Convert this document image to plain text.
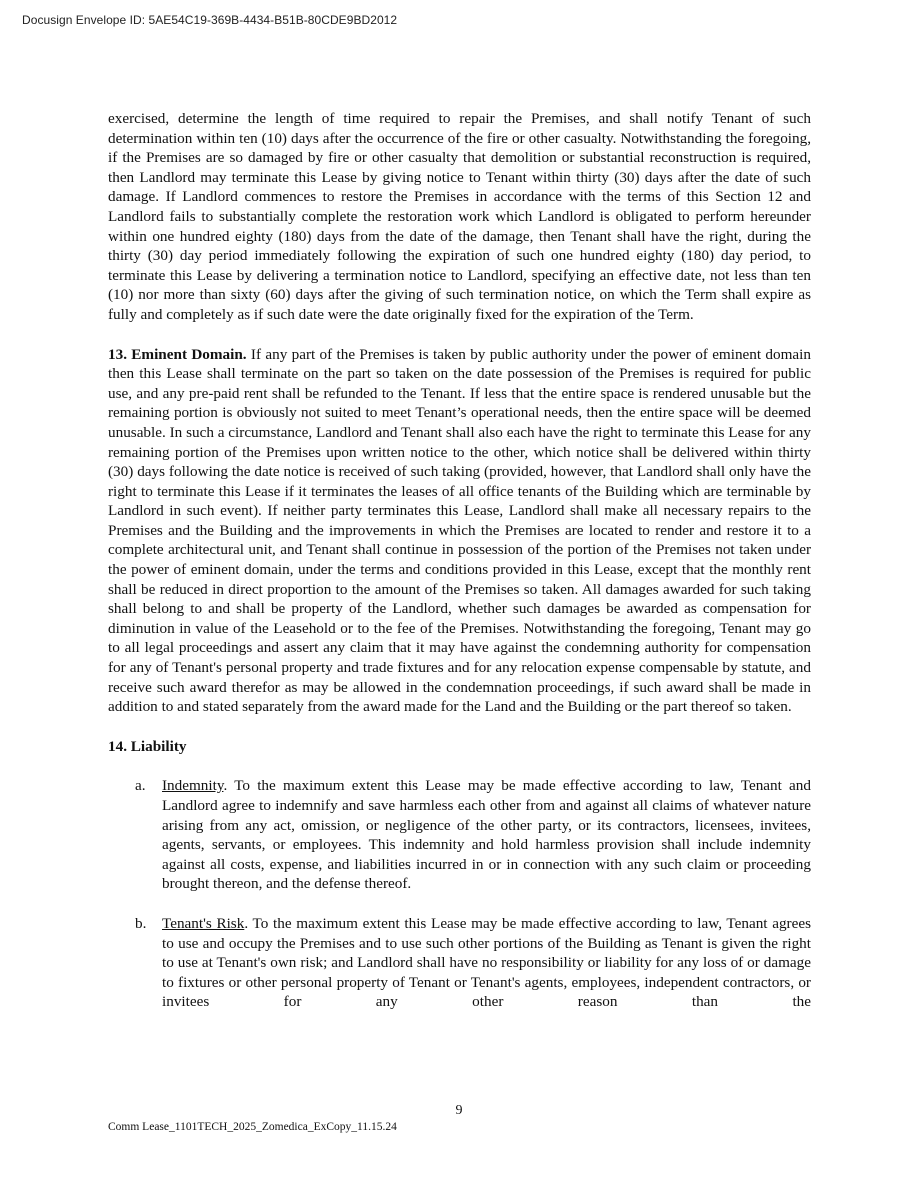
Docusign Envelope ID: 5AE54C19-369B-4434-B51B-80CDE9BD2012

exercised, determine the length of time required to repair the Premises, and shall notify Tenant of such determination within ten (10) days after the occurrence of the fire or other casualty. Notwithstanding the foregoing, if the Premises are so damaged by fire or other casualty that demolition or substantial reconstruction is required, then Landlord may terminate this Lease by giving notice to Tenant within thirty (30) days after the date of such damage. If Landlord commences to restore the Premises in accordance with the terms of this Section 12 and Landlord fails to substantially complete the restoration work which Landlord is obligated to perform hereunder within one hundred eighty (180) days from the date of the damage, then Tenant shall have the right, during the thirty (30) day period immediately following the expiration of such one hundred eighty (180) day period, to terminate this Lease by delivering a termination notice to Landlord, specifying an effective date, not less than ten (10) nor more than sixty (60) days after the giving of such termination notice, on which the Term shall expire as fully and completely as if such date were the date originally fixed for the expiration of the Term.

13. Eminent Domain. If any part of the Premises is taken by public authority under the power of eminent domain then this Lease shall terminate on the part so taken on the date possession of the Premises is required for public use, and any pre-paid rent shall be refunded to the Tenant. If less that the entire space is rendered unusable but the remaining portion is obviously not suited to meet Tenant’s operational needs, then the entire space will be deemed unusable. In such a circumstance, Landlord and Tenant shall also each have the right to terminate this Lease for any remaining portion of the Premises upon written notice to the other, which notice shall be delivered within thirty (30) days following the date notice is received of such taking (provided, however, that Landlord shall only have the right to terminate this Lease if it terminates the leases of all office tenants of the Building which are terminable by Landlord in such event). If neither party terminates this Lease, Landlord shall make all necessary repairs to the Premises and the Building and the improvements in which the Premises are located to render and restore it to a complete architectural unit, and Tenant shall continue in possession of the portion of the Premises not taken under the power of eminent domain, under the terms and conditions provided in this Lease, except that the monthly rent shall be reduced in direct proportion to the amount of the Premises so taken. All damages awarded for such taking shall belong to and shall be property of the Landlord, whether such damages be awarded as compensation for diminution in value of the Leasehold or to the fee of the Premises. Notwithstanding the foregoing, Tenant may go to all legal proceedings and assert any claim that it may have against the condemning authority for compensation for any of Tenant's personal property and trade fixtures and for any relocation expense compensable by statute, and receive such award therefor as may be allowed in the condemnation proceedings, if such award shall be made in addition to and stated separately from the award made for the Land and the Building or the part thereof so taken.

14. Liability

a. Indemnity. To the maximum extent this Lease may be made effective according to law, Tenant and Landlord agree to indemnify and save harmless each other from and against all claims of whatever nature arising from any act, omission, or negligence of the other party, or its contractors, licensees, invitees, agents, servants, or employees. This indemnity and hold harmless provision shall include indemnity against all costs, expense, and liabilities incurred in or in connection with any such claim or proceeding brought thereon, and the defense thereof.

b. Tenant's Risk. To the maximum extent this Lease may be made effective according to law, Tenant agrees to use and occupy the Premises and to use such other portions of the Building as Tenant is given the right to use at Tenant's own risk; and Landlord shall have no responsibility or liability for any loss of or damage to fixtures or other personal property of Tenant or Tenant's agents, employees, independent contractors, or invitees for any other reason than the

9
Comm Lease_1101TECH_2025_Zomedica_ExCopy_11.15.24
